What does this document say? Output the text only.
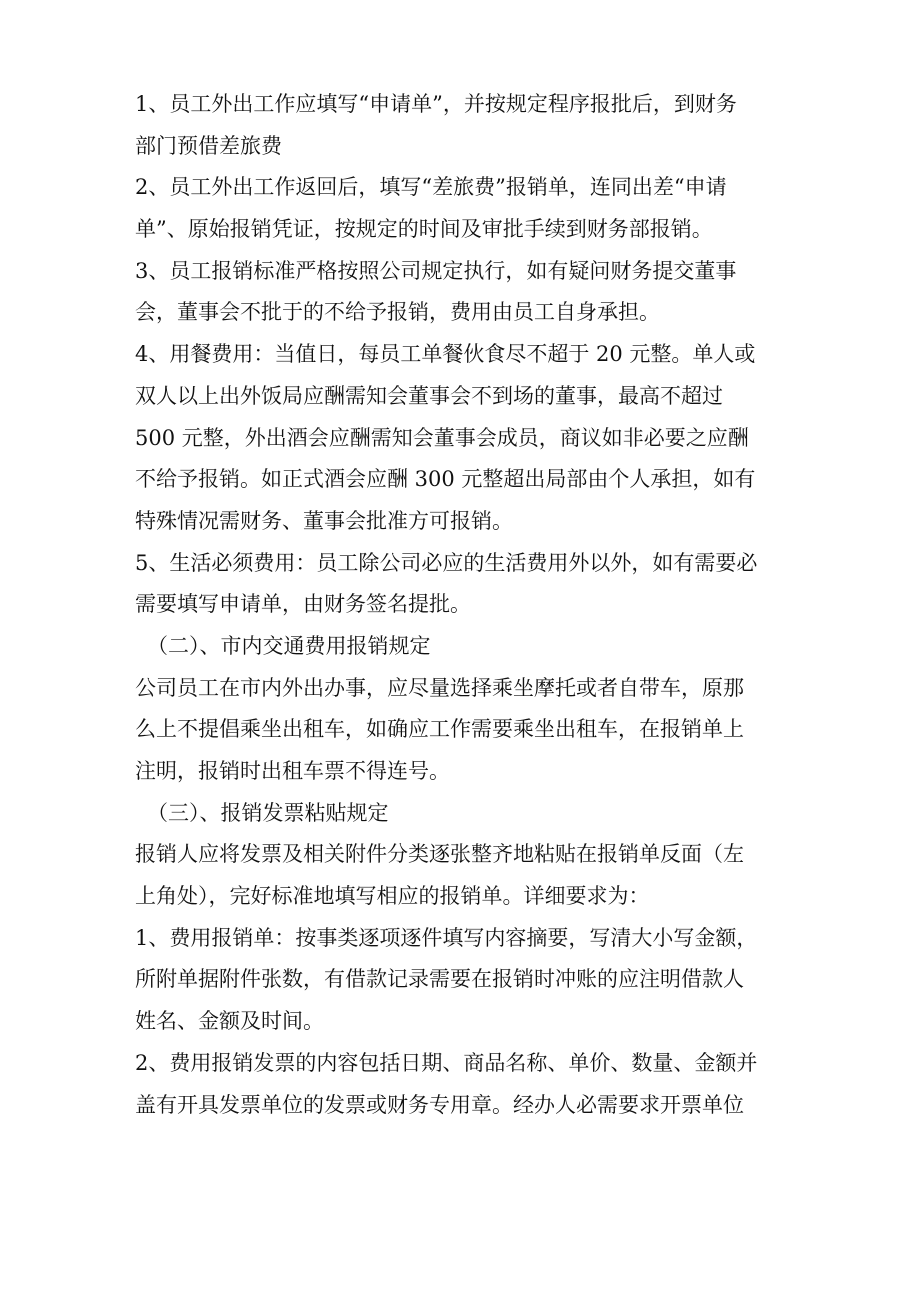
1、员工外出工作应填写“申请单”，并按规定程序报批后，到财务
部门预借差旅费
2、员工外出工作返回后，填写“差旅费”报销单，连同出差“申请
单”、原始报销凭证，按规定的时间及审批手续到财务部报销。
3、员工报销标准严格按照公司规定执行，如有疑问财务提交董事
会，董事会不批于的不给予报销，费用由员工自身承担。
4、用餐费用：当值日，每员工单餐伙食尽不超于 20 元整。单人或
双人以上出外饭局应酬需知会董事会不到场的董事，最高不超过
500 元整，外出酒会应酬需知会董事会成员，商议如非必要之应酬
不给予报销。如正式酒会应酬 300 元整超出局部由个人承担，如有
特殊情况需财务、董事会批准方可报销。
5、生活必须费用：员工除公司必应的生活费用外以外，如有需要必
需要填写申请单，由财务签名提批。
（二）、市内交通费用报销规定
公司员工在市内外出办事，应尽量选择乘坐摩托或者自带车，原那
么上不提倡乘坐出租车，如确应工作需要乘坐出租车，在报销单上
注明，报销时出租车票不得连号。
（三）、报销发票粘贴规定
报销人应将发票及相关附件分类逐张整齐地粘贴在报销单反面（左
上角处），完好标准地填写相应的报销单。详细要求为：
1、费用报销单：按事类逐项逐件填写内容摘要，写清大小写金额，
所附单据附件张数，有借款记录需要在报销时冲账的应注明借款人
姓名、金额及时间。
2、费用报销发票的内容包括日期、商品名称、单价、数量、金额并
盖有开具发票单位的发票或财务专用章。经办人必需要求开票单位
